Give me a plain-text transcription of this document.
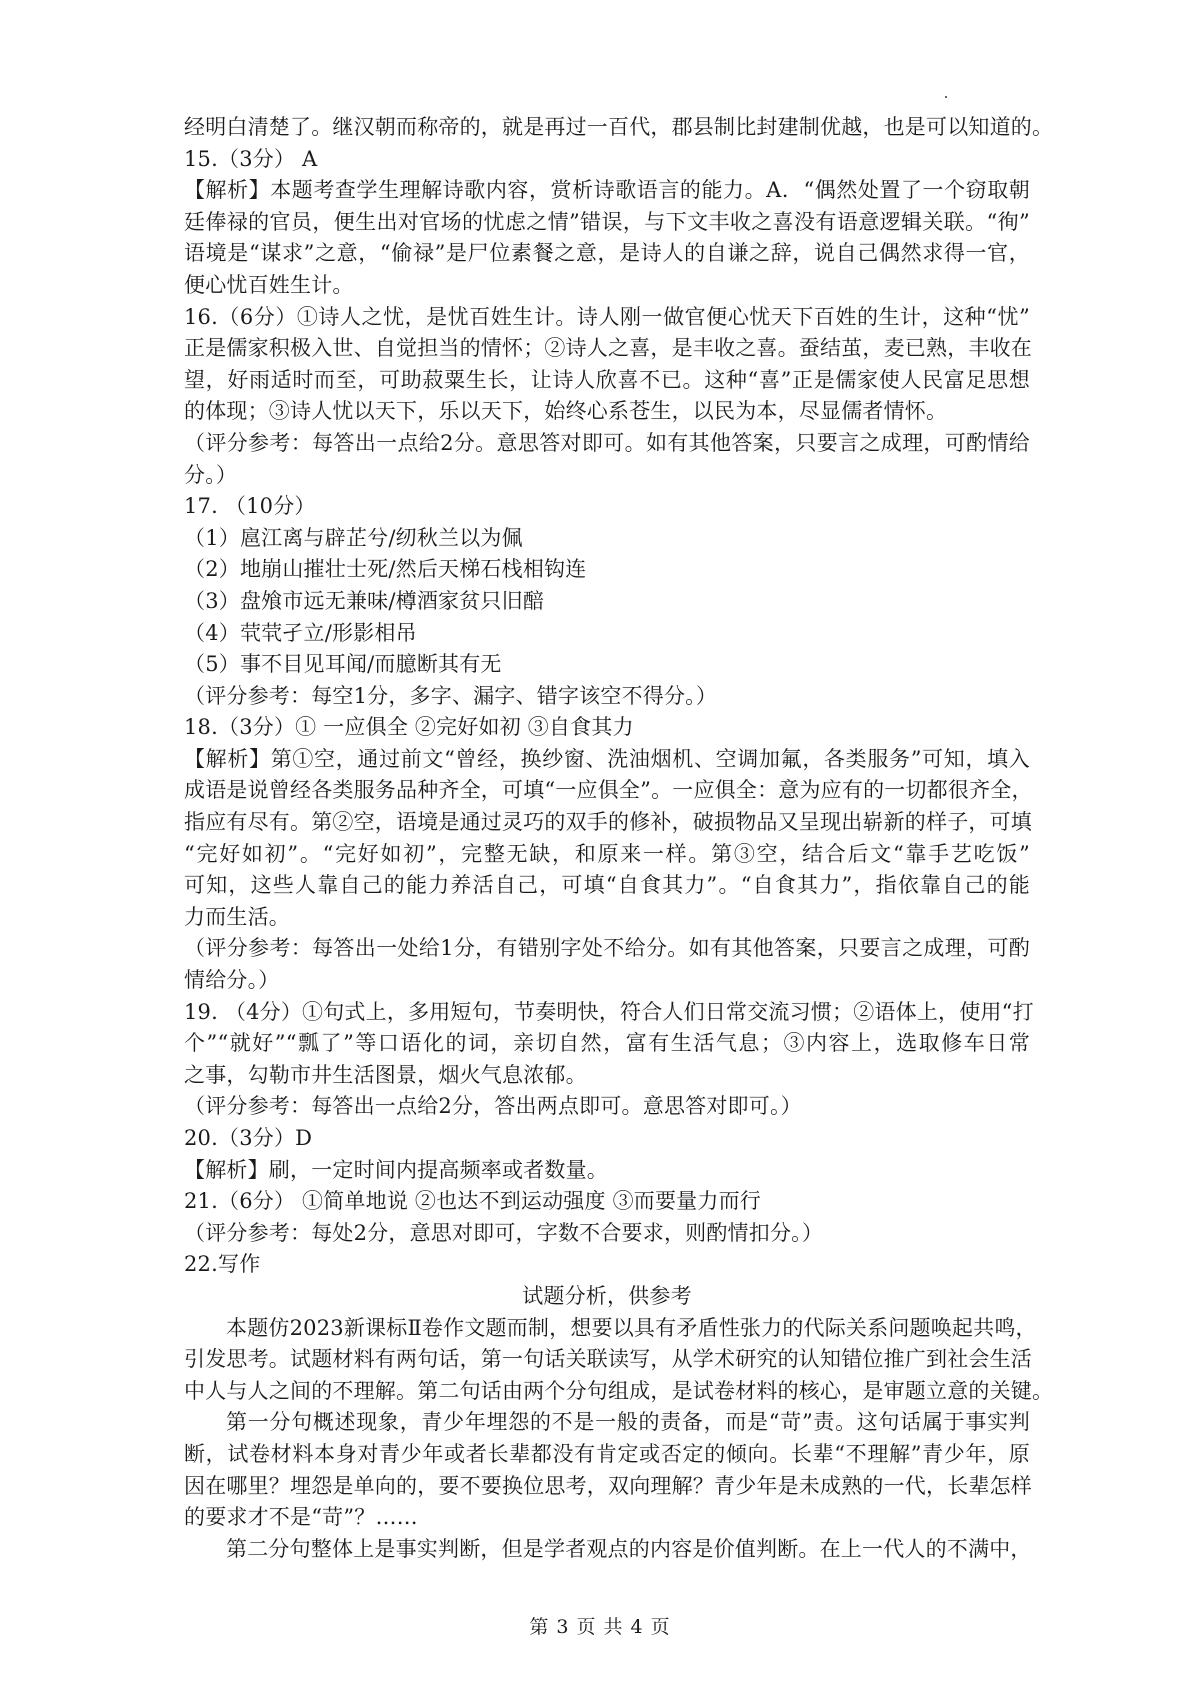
经明白清楚了。继汉朝而称帝的，就是再过一百代，郡县制比封建制优越，也是可以知道的。
15.（3分） A
【解析】本题考查学生理解诗歌内容，赏析诗歌语言的能力。A．“偶然处置了一个窃取朝
廷俸禄的官员，便生出对官场的忧虑之情”错误，与下文丰收之喜没有语意逻辑关联。“徇”
语境是“谋求”之意，“偷禄”是尸位素餐之意，是诗人的自谦之辞，说自己偶然求得一官，
便心忧百姓生计。
16.（6分）①诗人之忧，是忧百姓生计。诗人刚一做官便心忧天下百姓的生计，这种“忧”
正是儒家积极入世、自觉担当的情怀；②诗人之喜，是丰收之喜。蚕结茧，麦已熟，丰收在
望，好雨适时而至，可助菽粟生长，让诗人欣喜不已。这种“喜”正是儒家使人民富足思想
的体现；③诗人忧以天下，乐以天下，始终心系苍生，以民为本，尽显儒者情怀。
（评分参考：每答出一点给2分。意思答对即可。如有其他答案，只要言之成理，可酌情给
分。）
17. （10分）
（1）扈江离与辟芷兮/纫秋兰以为佩
（2）地崩山摧壮士死/然后天梯石栈相钩连
（3）盘飧市远无兼味/樽酒家贫只旧醅
（4）茕茕孑立/形影相吊
（5）事不目见耳闻/而臆断其有无
（评分参考：每空1分，多字、漏字、错字该空不得分。）
18.（3分）① 一应俱全 ②完好如初 ③自食其力
【解析】第①空，通过前文“曾经，换纱窗、洗油烟机、空调加氟，各类服务”可知，填入
成语是说曾经各类服务品种齐全，可填“一应俱全”。一应俱全：意为应有的一切都很齐全，
指应有尽有。第②空，语境是通过灵巧的双手的修补，破损物品又呈现出崭新的样子，可填
“完好如初”。“完好如初”，完整无缺，和原来一样。第③空，结合后文“靠手艺吃饭”
可知，这些人靠自己的能力养活自己，可填“自食其力”。“自食其力”，指依靠自己的能
力而生活。
（评分参考：每答出一处给1分，有错别字处不给分。如有其他答案，只要言之成理，可酌
情给分。）
19. （4分）①句式上，多用短句，节奏明快，符合人们日常交流习惯；②语体上，使用“打
个”“就好”“瓢了”等口语化的词，亲切自然，富有生活气息；③内容上，选取修车日常
之事，勾勒市井生活图景，烟火气息浓郁。
（评分参考：每答出一点给2分，答出两点即可。意思答对即可。）
20.（3分）D
【解析】刷，一定时间内提高频率或者数量。
21.（6分） ①简单地说 ②也达不到运动强度 ③而要量力而行
（评分参考：每处2分，意思对即可，字数不合要求，则酌情扣分。）
22.写作
试题分析，供参考
本题仿2023新课标Ⅱ卷作文题而制，想要以具有矛盾性张力的代际关系问题唤起共鸣，
引发思考。试题材料有两句话，第一句话关联读写，从学术研究的认知错位推广到社会生活
中人与人之间的不理解。第二句话由两个分句组成，是试卷材料的核心，是审题立意的关键。
第一分句概述现象，青少年埋怨的不是一般的责备，而是“苛”责。这句话属于事实判
断，试卷材料本身对青少年或者长辈都没有肯定或否定的倾向。长辈“不理解”青少年，原
因在哪里？埋怨是单向的，要不要换位思考，双向理解？青少年是未成熟的一代，长辈怎样
的要求才不是“苛”？……
第二分句整体上是事实判断，但是学者观点的内容是价值判断。在上一代人的不满中，
第 3 页 共 4 页
